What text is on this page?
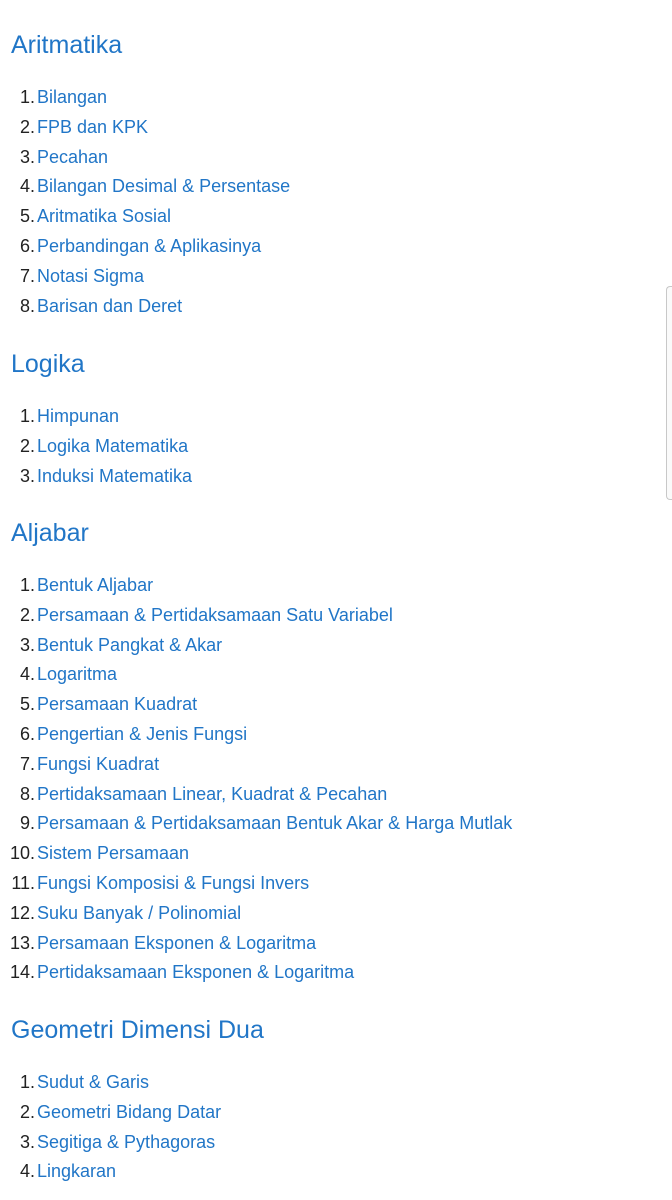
Aritmatika
1. Bilangan
2. FPB dan KPK
3. Pecahan
4. Bilangan Desimal & Persentase
5. Aritmatika Sosial
6. Perbandingan & Aplikasinya
7. Notasi Sigma
8. Barisan dan Deret
Logika
1. Himpunan
2. Logika Matematika
3. Induksi Matematika
Aljabar
1. Bentuk Aljabar
2. Persamaan & Pertidaksamaan Satu Variabel
3. Bentuk Pangkat & Akar
4. Logaritma
5. Persamaan Kuadrat
6. Pengertian & Jenis Fungsi
7. Fungsi Kuadrat
8. Pertidaksamaan Linear, Kuadrat & Pecahan
9. Persamaan & Pertidaksamaan Bentuk Akar & Harga Mutlak
10. Sistem Persamaan
11. Fungsi Komposisi & Fungsi Invers
12. Suku Banyak / Polinomial
13. Persamaan Eksponen & Logaritma
14. Pertidaksamaan Eksponen & Logaritma
Geometri Dimensi Dua
1. Sudut & Garis
2. Geometri Bidang Datar
3. Segitiga & Pythagoras
4. Lingkaran
